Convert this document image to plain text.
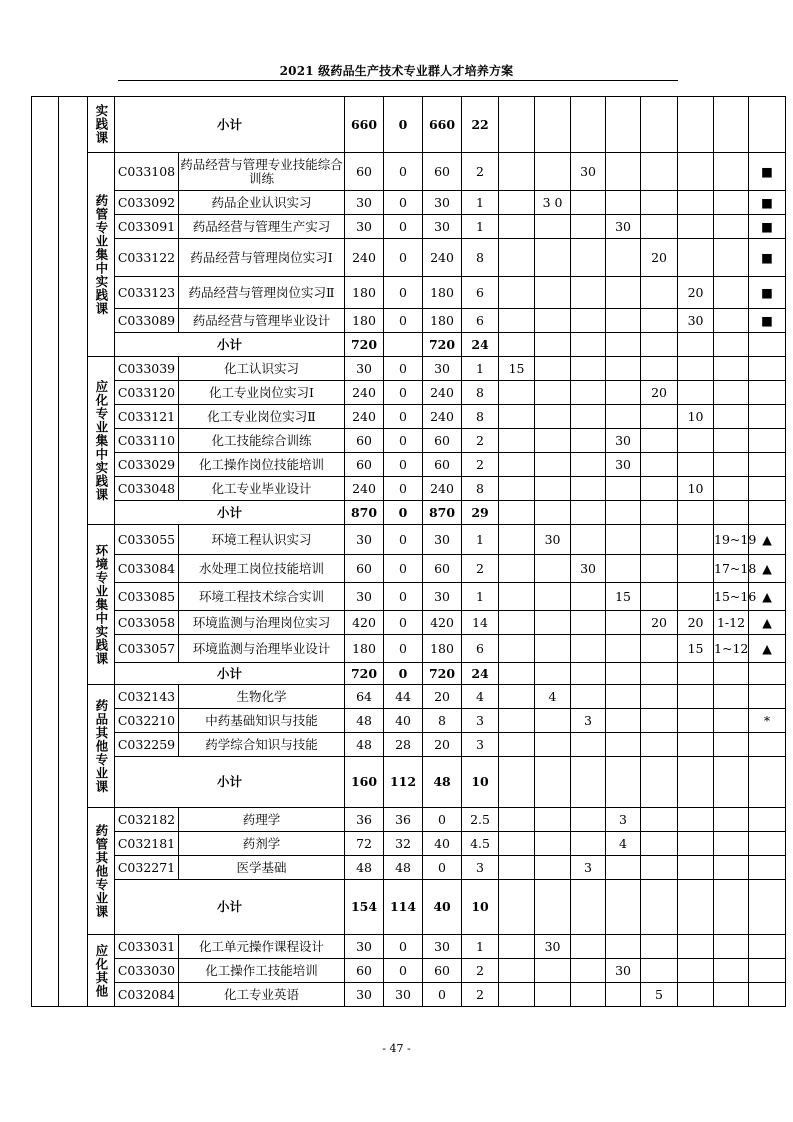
2021 级药品生产技术专业群人才培养方案
		实践课	小计		660	0	660	22								
		药管专业集中实践课	C033108	药品经营与管理专业技能综合训练	60	0	60	2			30					■
			C033092	药品企业认识实习	30	0	30	1		3 0						■
			C033091	药品经营与管理生产实习	30	0	30	1				30				■
			C033122	药品经营与管理岗位实习Ⅰ	240	0	240	8					20			■
			C033123	药品经营与管理岗位实习Ⅱ	180	0	180	6						20		■
			C033089	药品经营与管理毕业设计	180	0	180	6						30		■
			小计		720		720	24								
		应化专业集中实践课	C033039	化工认识实习	30	0	30	1	15							
			C033120	化工专业岗位实习Ⅰ	240	0	240	8					20			
			C033121	化工专业岗位实习Ⅱ	240	0	240	8						10		
			C033110	化工技能综合训练	60	0	60	2				30				
			C033029	化工操作岗位技能培训	60	0	60	2				30				
			C033048	化工专业毕业设计	240	0	240	8						10		
			小计		870	0	870	29								
		环境专业集中实践课	C033055	环境工程认识实习	30	0	30	1		30					19~19	▲
			C033084	水处理工岗位技能培训	60	0	60	2			30				17~18	▲
			C033085	环境工程技术综合实训	30	0	30	1				15			15~16	▲
			C033058	环境监测与治理岗位实习	420	0	420	14					20	20	1-12	▲
			C033057	环境监测与治理毕业设计	180	0	180	6						15	1~12	▲
			小计		720	0	720	24								
		药品其他专业课	C032143	生物化学	64	44	20	4		4						
			C032210	中药基础知识与技能	48	40	8	3			3					*
			C032259	药学综合知识与技能	48	28	20	3								
			小计		160	112	48	10								
		药管其他专业课	C032182	药理学	36	36	0	2.5				3				
			C032181	药剂学	72	32	40	4.5				4				
			C032271	医学基础	48	48	0	3			3					
			小计		154	114	40	10								
		应化其他	C033031	化工单元操作课程设计	30	0	30	1		30						
			C033030	化工操作工技能培训	60	0	60	2				30				
			C032084	化工专业英语	30	30	0	2					5			
- 47 -
